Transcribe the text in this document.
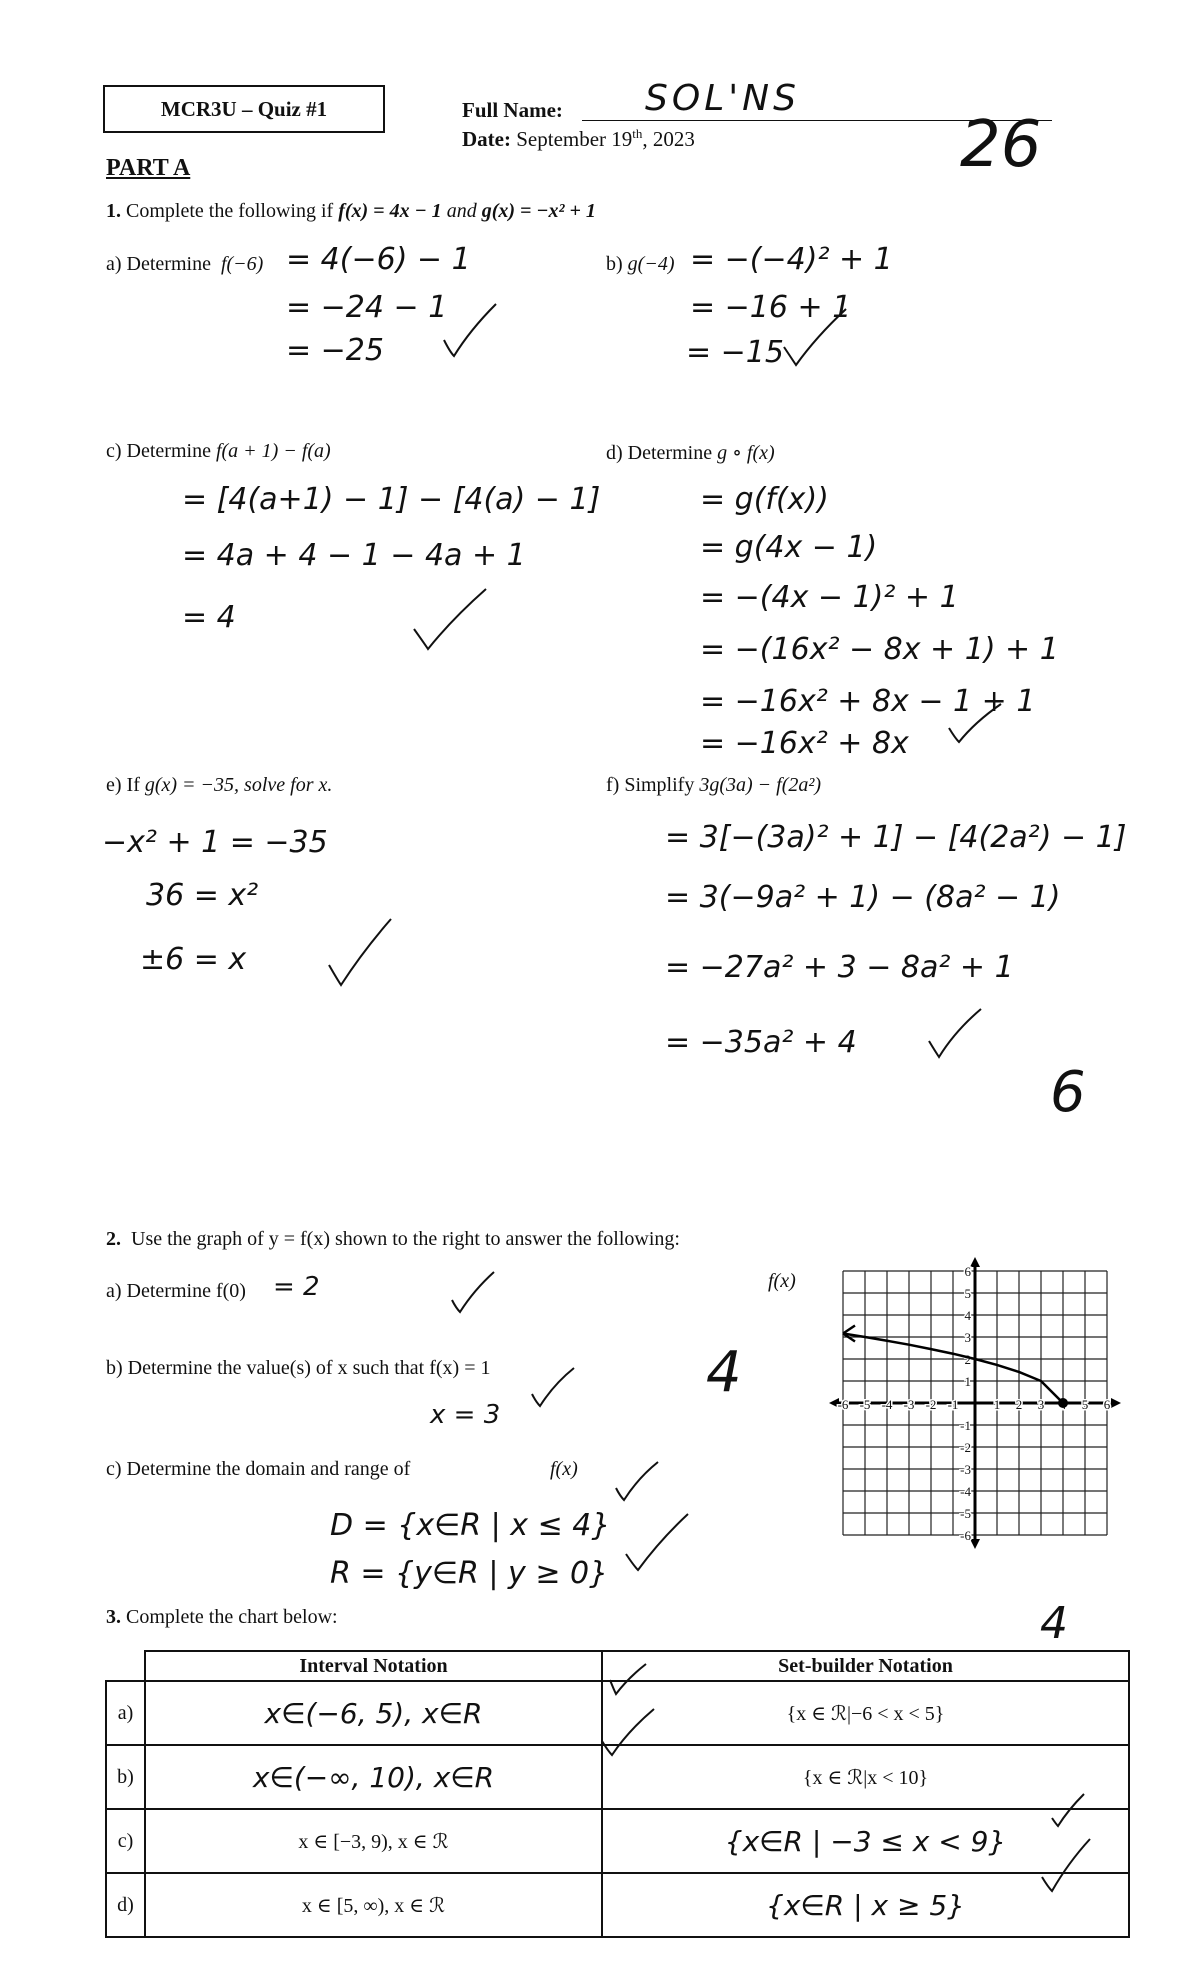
MCR3U – Quiz #1	Full Name: SOL'NS
Date: September 19th, 2023	26
PART A
1. Complete the following if f(x) = 4x − 1 and g(x) = −x² + 1
a) Determine f(−6) = 4(−6) − 1
= −24 − 1
= −25
b) g(−4) = −(−4)² + 1
= −16 + 1
= −15
c) Determine f(a + 1) − f(a)
= [4(a+1) − 1] − [4(a) − 1]
= 4a + 4 − 1 − 4a + 1
= 4
d) Determine g ∘ f(x)
= g(f(x))
= g(4x − 1)
= −(4x − 1)² + 1
= −(16x² − 8x + 1) + 1
= −16x² + 8x − 1 + 1
= −16x² + 8x
e) If g(x) = −35, solve for x.
−x² + 1 = −35
36 = x²
±6 = x
f) Simplify 3g(3a) − f(2a²)
= 3[−(3a)² + 1] − [4(2a²) − 1]
= 3(−9a² + 1) − (8a² − 1)
= −27a² + 3 − 8a² + 1
= −35a² + 4
6
2. Use the graph of y = f(x) shown to the right to answer the following:
a) Determine f(0) = 2
b) Determine the value(s) of x such that f(x) = 1
x = 3
4
c) Determine the domain and range of	f(x)
D = {x∈R | x ≤ 4}
R = {y∈R | y ≥ 0}
f(x)
-6 -5 -4 -3 -2 -1	1 2 3	5 6
6
5
4
3
2
1
-1
-2
-3
-4
-5
-6
3. Complete the chart below:	4
	Interval Notation	Set-builder Notation
a)	x∈(−6, 5), x∈R	{x ∈ ℛ|−6 < x < 5}
b)	x∈(−∞, 10), x∈R	{x ∈ ℛ|x < 10}
c)	x ∈ [−3, 9), x ∈ ℛ	{x∈R | −3 ≤ x < 9}
d)	x ∈ [5, ∞), x ∈ ℛ	{x∈R | x ≥ 5}
